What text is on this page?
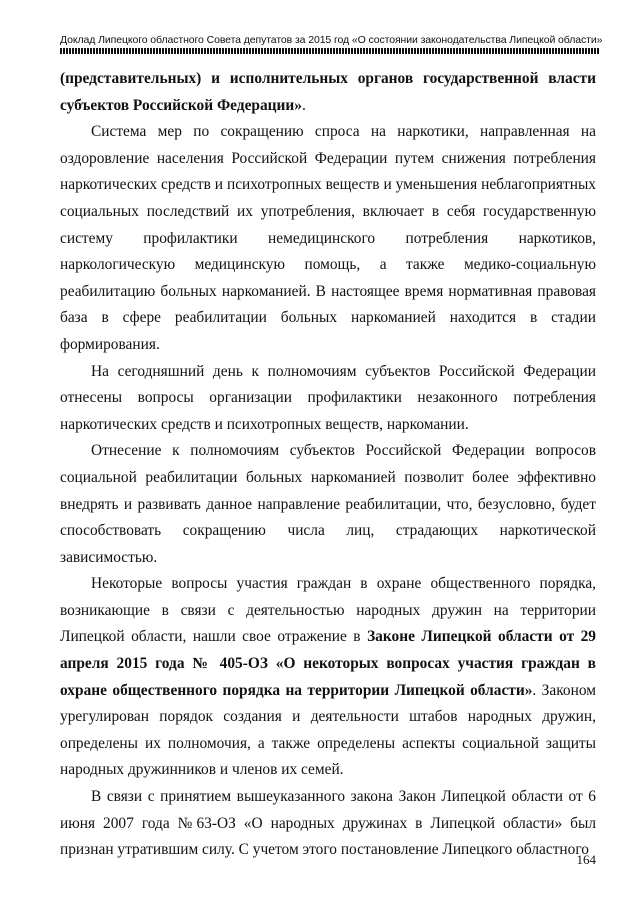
Доклад Липецкого областного Совета депутатов за 2015 год «О состоянии законодательства Липецкой области»

(представительных) и исполнительных органов государственной власти субъектов Российской Федерации».

Система мер по сокращению спроса на наркотики, направленная на оздоровление населения Российской Федерации путем снижения потребления наркотических средств и психотропных веществ и уменьшения неблагоприятных социальных последствий их употребления, включает в себя государственную систему профилактики немедицинского потребления наркотиков, наркологическую медицинскую помощь, а также медико-социальную реабилитацию больных наркоманией. В настоящее время нормативная правовая база в сфере реабилитации больных наркоманией находится в стадии формирования.

На сегодняшний день к полномочиям субъектов Российской Федерации отнесены вопросы организации профилактики незаконного потребления наркотических средств и психотропных веществ, наркомании.

Отнесение к полномочиям субъектов Российской Федерации вопросов социальной реабилитации больных наркоманией позволит более эффективно внедрять и развивать данное направление реабилитации, что, безусловно, будет способствовать сокращению числа лиц, страдающих наркотической зависимостью.

Некоторые вопросы участия граждан в охране общественного порядка, возникающие в связи с деятельностью народных дружин на территории Липецкой области, нашли свое отражение в Законе Липецкой области от 29 апреля 2015 года № 405-ОЗ «О некоторых вопросах участия граждан в охране общественного порядка на территории Липецкой области». Законом урегулирован порядок создания и деятельности штабов народных дружин, определены их полномочия, а также определены аспекты социальной защиты народных дружинников и членов их семей.

В связи с принятием вышеуказанного закона Закон Липецкой области от 6 июня 2007 года №63-ОЗ «О народных дружинах в Липецкой области» был признан утратившим силу. С учетом этого постановление Липецкого областного

164
